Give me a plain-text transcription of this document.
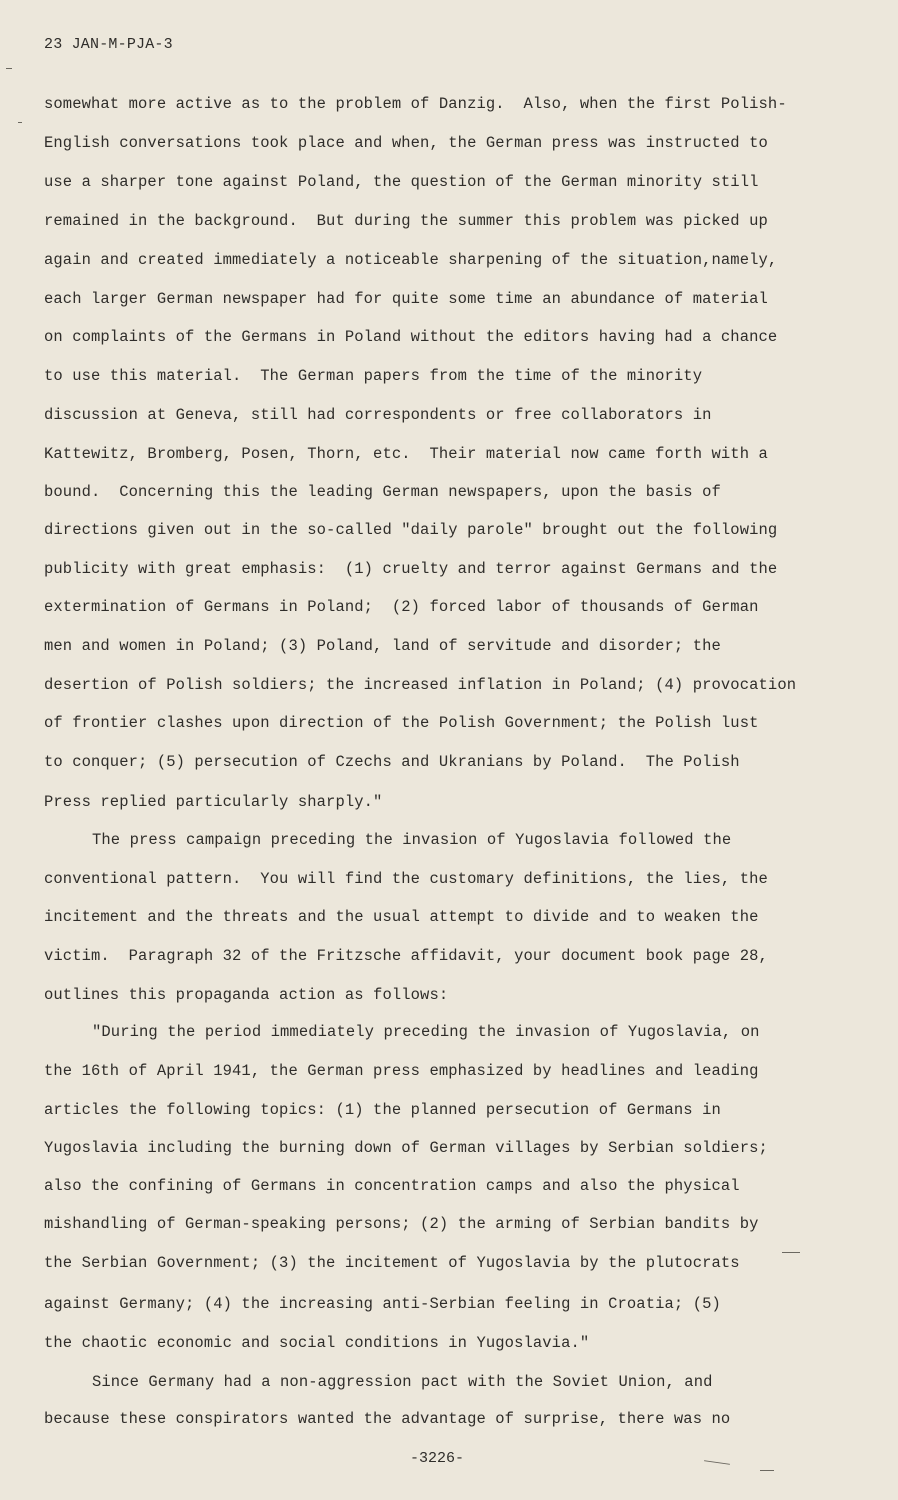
23 JAN-M-PJA-3
somewhat more active as to the problem of Danzig.  Also, when the first Polish-
English conversations took place and when, the German press was instructed to
use a sharper tone against Poland, the question of the German minority still
remained in the background.  But during the summer this problem was picked up
again and created immediately a noticeable sharpening of the situation,namely,
each larger German newspaper had for quite some time an abundance of material
on complaints of the Germans in Poland without the editors having had a chance
to use this material.  The German papers from the time of the minority
discussion at Geneva, still had correspondents or free collaborators in
Kattewitz, Bromberg, Posen, Thorn, etc.  Their material now came forth with a
bound.  Concerning this the leading German newspapers, upon the basis of
directions given out in the so-called "daily parole" brought out the following
publicity with great emphasis:  (1) cruelty and terror against Germans and the
extermination of Germans in Poland;  (2) forced labor of thousands of German
men and women in Poland; (3) Poland, land of servitude and disorder; the
desertion of Polish soldiers; the increased inflation in Poland; (4) provocation
of frontier clashes upon direction of the Polish Government; the Polish lust
to conquer; (5) persecution of Czechs and Ukranians by Poland.  The Polish
Press replied particularly sharply."
The press campaign preceding the invasion of Yugoslavia followed the
conventional pattern.  You will find the customary definitions, the lies, the
incitement and the threats and the usual attempt to divide and to weaken the
victim.  Paragraph 32 of the Fritzsche affidavit, your document book page 28,
outlines this propaganda action as follows:
"During the period immediately preceding the invasion of Yugoslavia, on
the 16th of April 1941, the German press emphasized by headlines and leading
articles the following topics: (1) the planned persecution of Germans in
Yugoslavia including the burning down of German villages by Serbian soldiers;
also the confining of Germans in concentration camps and also the physical
mishandling of German-speaking persons; (2) the arming of Serbian bandits by
the Serbian Government; (3) the incitement of Yugoslavia by the plutocrats
against Germany; (4) the increasing anti-Serbian feeling in Croatia; (5)
the chaotic economic and social conditions in Yugoslavia."
Since Germany had a non-aggression pact with the Soviet Union, and
because these conspirators wanted the advantage of surprise, there was no
-3226-
